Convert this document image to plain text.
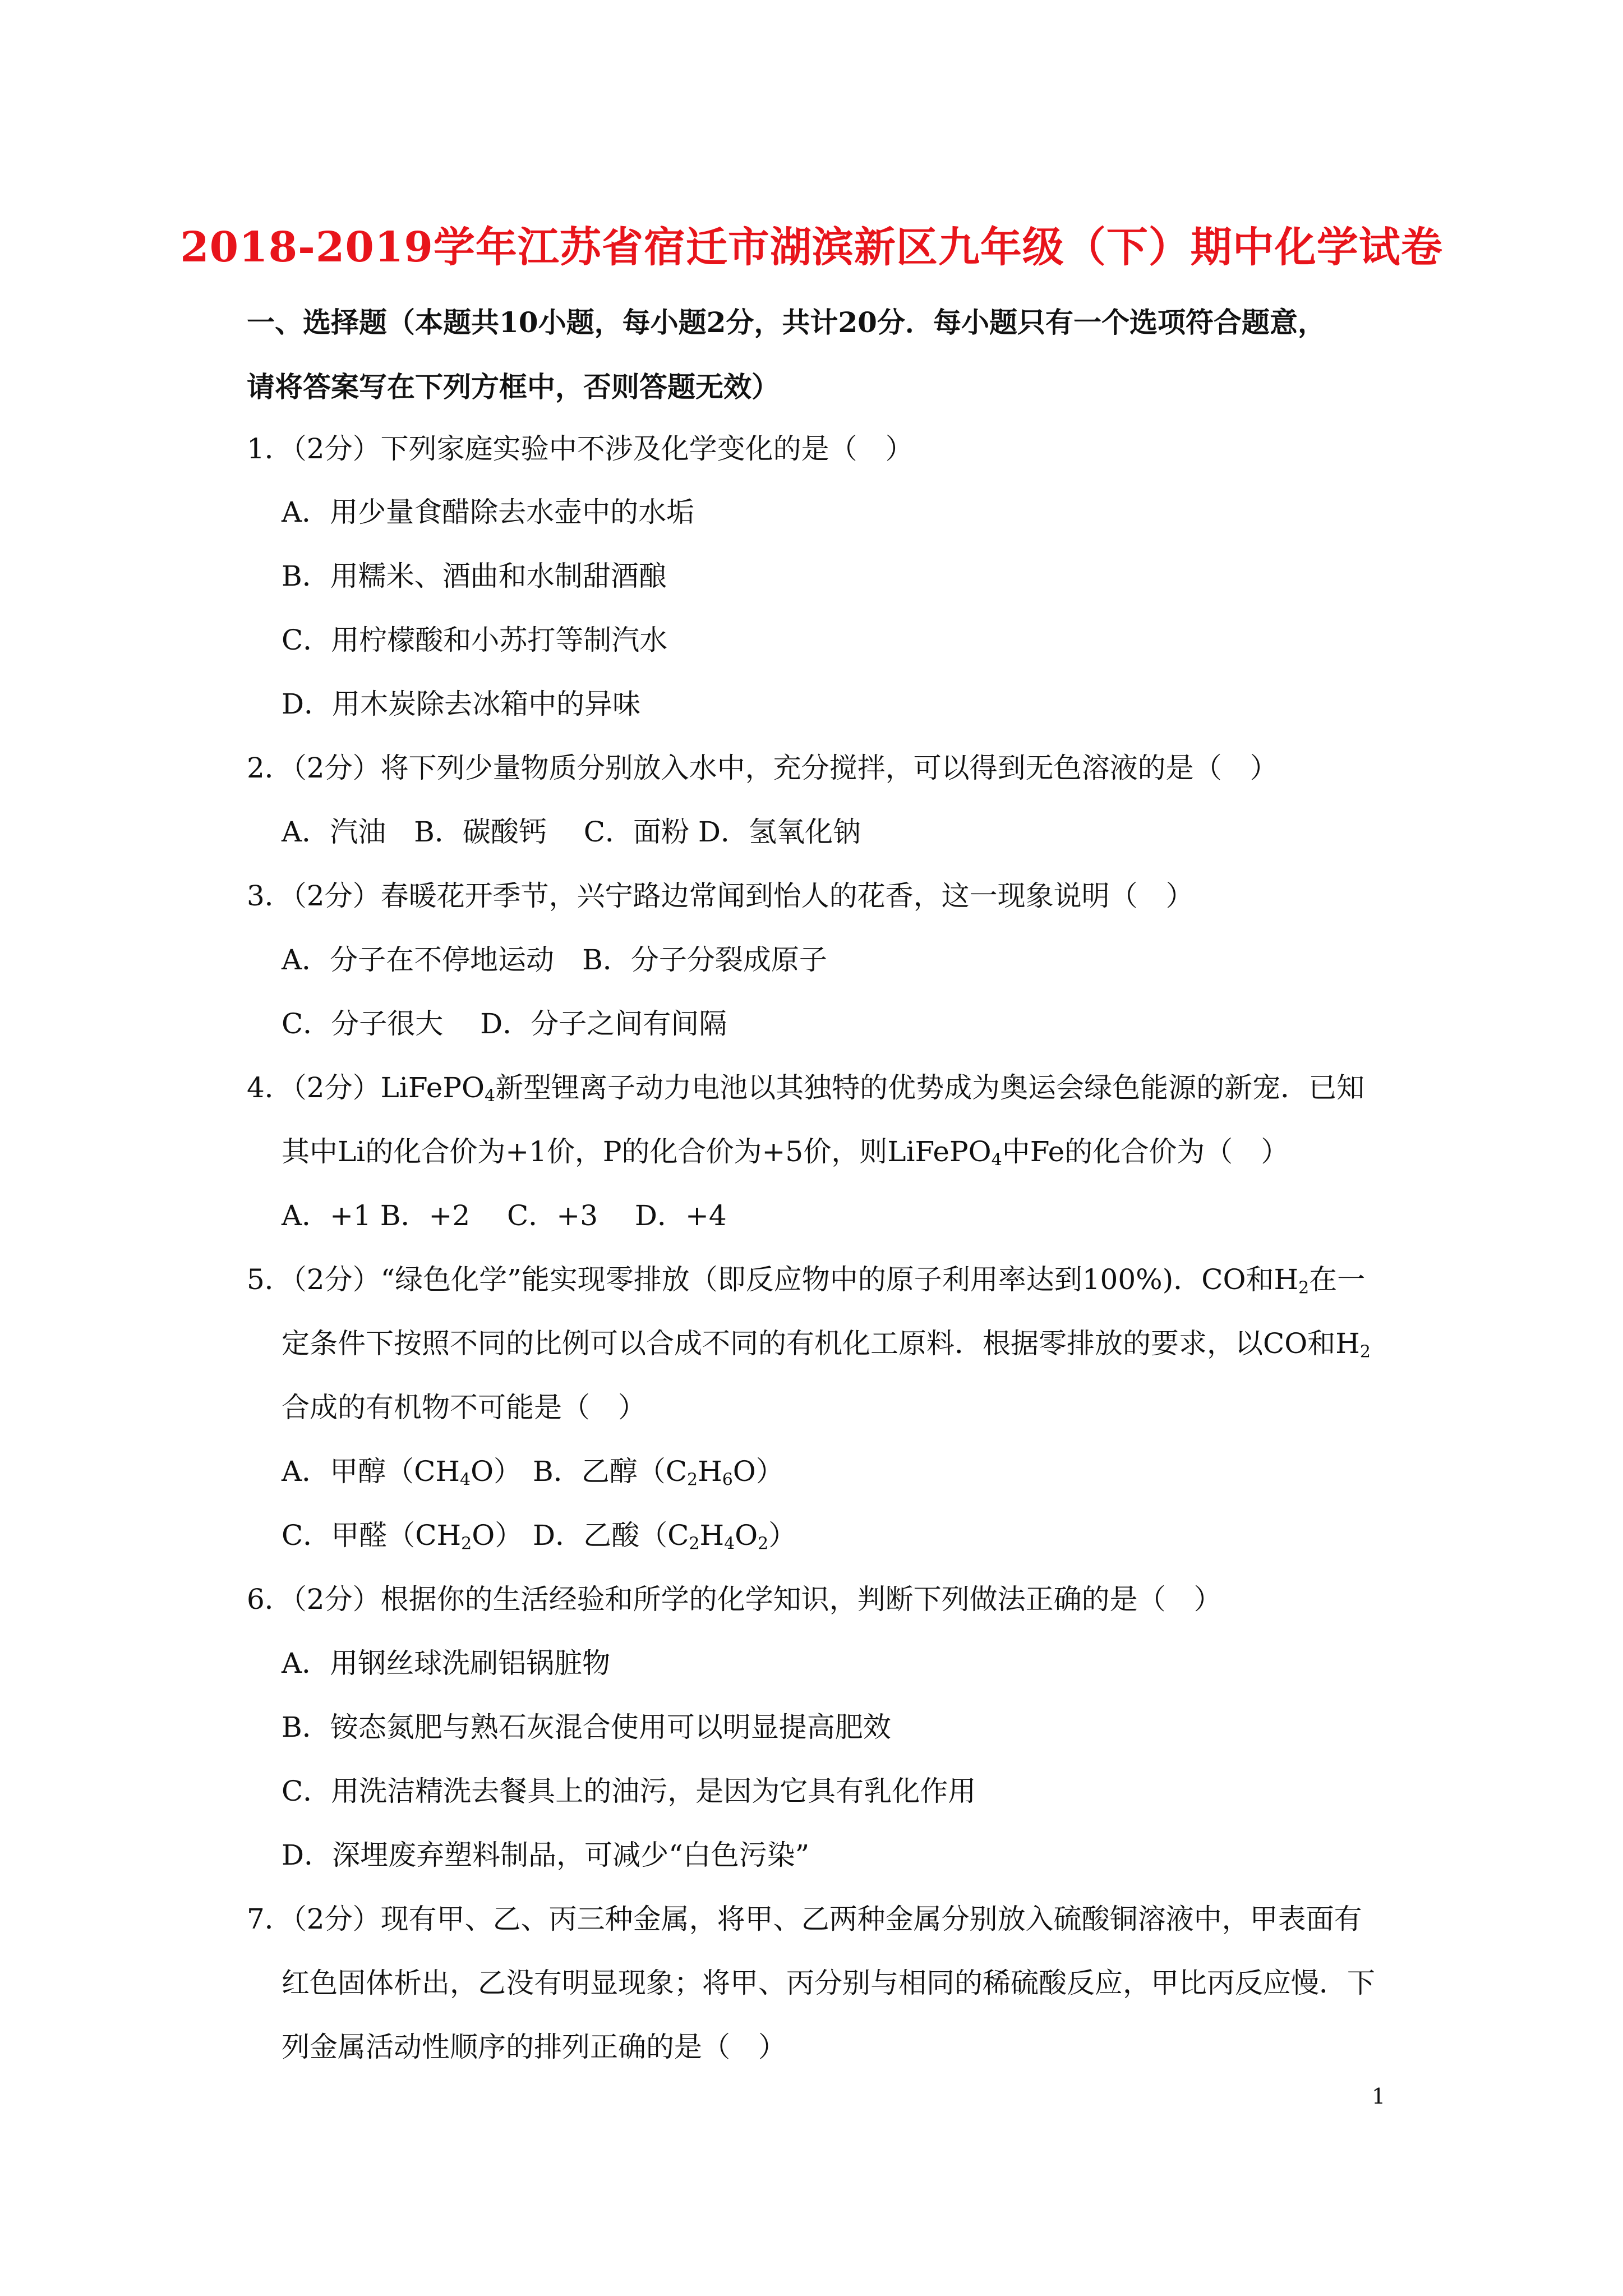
2018-2019学年江苏省宿迁市湖滨新区九年级（下）期中化学试卷
一、选择题（本题共10小题，每小题2分，共计20分．每小题只有一个选项符合题意，
请将答案写在下列方框中，否则答题无效）
1．（2分）下列家庭实验中不涉及化学变化的是（　）
A．用少量食醋除去水壶中的水垢
B．用糯米、酒曲和水制甜酒酿
C．用柠檬酸和小苏打等制汽水
D．用木炭除去冰箱中的异味
2．（2分）将下列少量物质分别放入水中，充分搅拌，可以得到无色溶液的是（　）
A．汽油　B．碳酸钙　 C．面粉 D．氢氧化钠
3．（2分）春暖花开季节，兴宁路边常闻到怡人的花香，这一现象说明（　）
A．分子在不停地运动　B．分子分裂成原子
C．分子很大　 D．分子之间有间隔
4．（2分）LiFePO$_4$新型锂离子动力电池以其独特的优势成为奥运会绿色能源的新宠．已知
其中Li的化合价为+1价，P的化合价为+5价，则LiFePO$_4$中Fe的化合价为（　）
A．+1 B．+2　 C．+3　 D．+4
5．（2分）“绿色化学”能实现零排放（即反应物中的原子利用率达到100%)．CO和$H_2$在一
定条件下按照不同的比例可以合成不同的有机化工原料．根据零排放的要求，以CO和$H_2$
合成的有机物不可能是（　）
A．甲醇$(CH_4O)$ B．乙醇$(C_2H_6O)$
C．甲醛$(CH_2O)$ D．乙酸$(C_2H_4O_2)$
6．（2分）根据你的生活经验和所学的化学知识，判断下列做法正确的是（　）
A．用钢丝球洗刷铝锅脏物
B．铵态氮肥与熟石灰混合使用可以明显提高肥效
C．用洗洁精洗去餐具上的油污，是因为它具有乳化作用
D．深埋废弃塑料制品，可减少“白色污染”
7．（2分）现有甲、乙、丙三种金属，将甲、乙两种金属分别放入硫酸铜溶液中，甲表面有
红色固体析出，乙没有明显现象；将甲、丙分别与相同的稀硫酸反应，甲比丙反应慢．下
列金属活动性顺序的排列正确的是（　）
1
